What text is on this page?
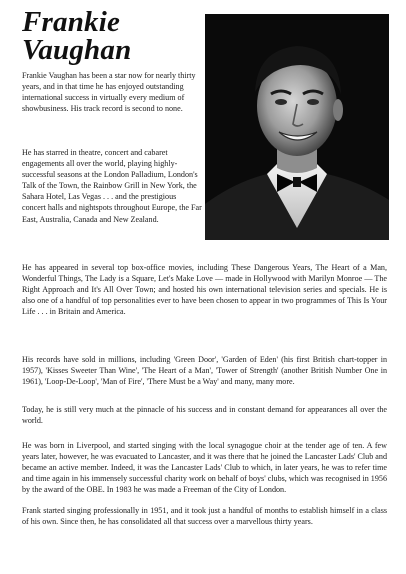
Frankie
Vaughan

Frankie Vaughan has been a star now for nearly thirty years, and in that time he has enjoyed outstanding international success in virtually every medium of showbusiness. His track record is second to none.

He has starred in theatre, concert and cabaret engagements all over the world, playing highly-successful seasons at the London Palladium, London's Talk of the Town, the Rainbow Grill in New York, the Sahara Hotel, Las Vegas . . . and the prestigious concert halls and nightspots throughout Europe, the Far East, Australia, Canada and New Zealand.

He has appeared in several top box-office movies, including These Dangerous Years, The Heart of a Man, Wonderful Things, The Lady is a Square, Let's Make Love — made in Hollywood with Marilyn Monroe — The Right Approach and It's All Over Town; and hosted his own international television series and specials. He is also one of a handful of top personalities ever to have been chosen to appear in two programmes of This Is Your Life . . . in Britain and America.

His records have sold in millions, including 'Green Door', 'Garden of Eden' (his first British chart-topper in 1957), 'Kisses Sweeter Than Wine', 'The Heart of a Man', 'Tower of Strength' (another British Number One in 1961), 'Loop-De-Loop', 'Man of Fire', 'There Must be a Way' and many, many more.

Today, he is still very much at the pinnacle of his success and in constant demand for appearances all over the world.

He was born in Liverpool, and started singing with the local synagogue choir at the tender age of ten. A few years later, however, he was evacuated to Lancaster, and it was there that he joined the Lancaster Lads' Club and became an active member. Indeed, it was the Lancaster Lads' Club to which, in later years, he was to refer time and time again in his immensely successful charity work on behalf of boys' clubs, which was recognised in 1956 by the award of the OBE. In 1983 he was made a Freeman of the City of London.

Frank started singing professionally in 1951, and it took just a handful of months to establish himself in a class of his own. Since then, he has consolidated all that success over a marvellous thirty years.
